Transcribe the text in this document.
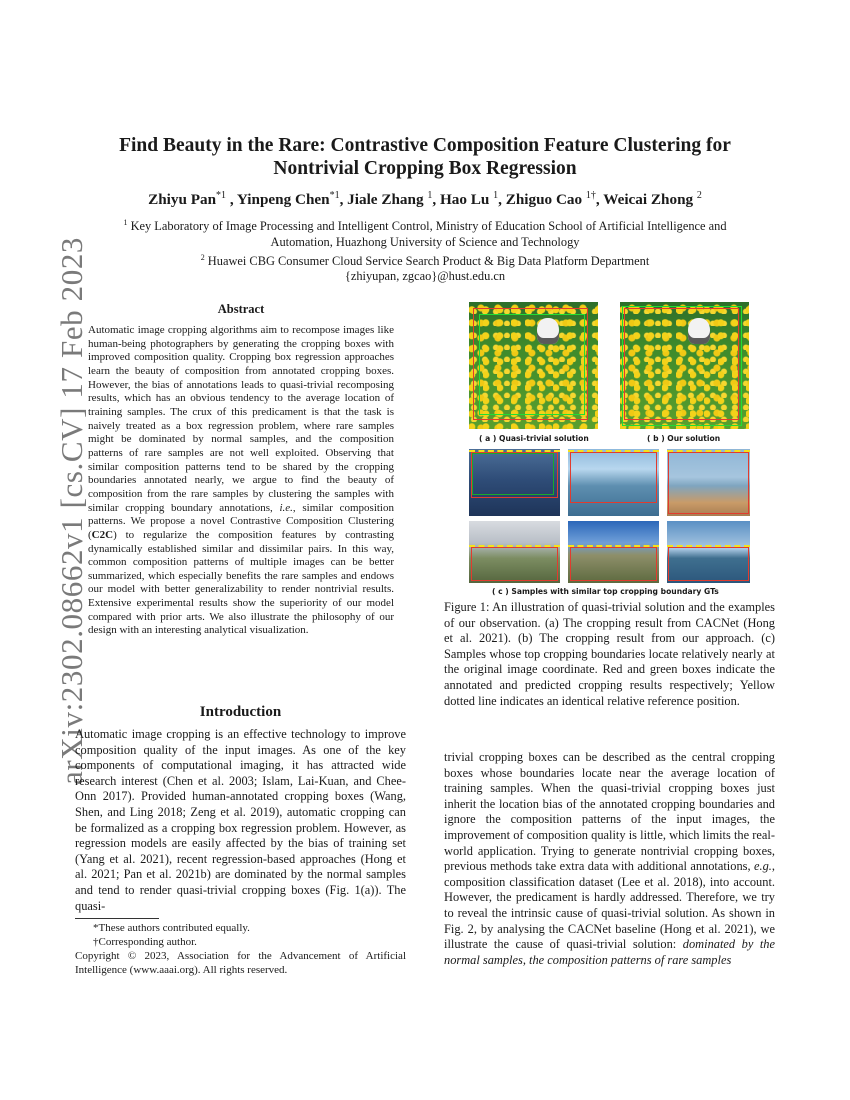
arXiv:2302.08662v1 [cs.CV] 17 Feb 2023
Find Beauty in the Rare: Contrastive Composition Feature Clustering for
Nontrivial Cropping Box Regression

Zhiyu Pan$^{*1}$ , Yinpeng Chen$^{*1}$, Jiale Zhang $^1$, Hao Lu $^1$, Zhiguo Cao $^{1\dagger}$, Weicai Zhong $^2$

$^1$ Key Laboratory of Image Processing and Intelligent Control, Ministry of Education School of Artificial Intelligence and
Automation, Huazhong University of Science and Technology
$^2$ Huawei CBG Consumer Cloud Service Search Product & Big Data Platform Department
{zhiyupan, zgcao}@hust.edu.cn

Abstract

Automatic image cropping algorithms aim to recompose images like human-being photographers by generating the cropping boxes with improved composition quality. Cropping box regression approaches learn the beauty of composition from annotated cropping boxes. However, the bias of annotations leads to quasi-trivial recomposing results, which has an obvious tendency to the average location of training samples. The crux of this predicament is that the task is naively treated as a box regression problem, where rare samples might be dominated by normal samples, and the composition patterns of rare samples are not well exploited. Observing that similar composition patterns tend to be shared by the cropping boundaries annotated nearly, we argue to find the beauty of composition from the rare samples by clustering the samples with similar cropping boundary annotations, i.e., similar composition patterns. We propose a novel Contrastive Composition Clustering (C2C) to regularize the composition features by contrasting dynamically established similar and dissimilar pairs. In this way, common composition patterns of multiple images can be better summarized, which especially benefits the rare samples and endows our model with better generalizability to render nontrivial results. Extensive experimental results show the superiority of our model compared with prior arts. We also illustrate the philosophy of our design with an interesting analytical visualization.

Introduction

Automatic image cropping is an effective technology to improve composition quality of the input images. As one of the key components of computational imaging, it has attracted wide research interest (Chen et al. 2003; Islam, Lai-Kuan, and Chee-Onn 2017). Provided human-annotated cropping boxes (Wang, Shen, and Ling 2018; Zeng et al. 2019), automatic cropping can be formalized as a cropping box regression problem. However, as regression models are easily affected by the bias of training set (Yang et al. 2021), recent regression-based approaches (Hong et al. 2021; Pan et al. 2021b) are dominated by the normal samples and tend to render quasi-trivial cropping boxes (Fig. 1(a)). The quasi-

*These authors contributed equally.

†Corresponding author.

Copyright © 2023, Association for the Advancement of Artificial Intelligence (www.aaai.org). All rights reserved.

( a ) Quasi-trivial solution	( b ) Our solution
( c ) Samples with similar top cropping boundary GTs

Figure 1: An illustration of quasi-trivial solution and the examples of our observation. (a) The cropping result from CACNet (Hong et al. 2021). (b) The cropping result from our approach. (c) Samples whose top cropping boundaries locate relatively nearly at the original image coordinate. Red and green boxes indicate the annotated and predicted cropping results respectively; Yellow dotted line indicates an identical relative reference position.

trivial cropping boxes can be described as the central cropping boxes whose boundaries locate near the average location of training samples. When the quasi-trivial cropping boxes just inherit the location bias of the annotated cropping boundaries and ignore the composition patterns of the input images, the improvement of composition quality is little, which limits the real-world application. Trying to generate nontrivial cropping boxes, previous methods take extra data with additional annotations, e.g., composition classification dataset (Lee et al. 2018), into account. However, the predicament is hardly addressed. Therefore, we try to reveal the intrinsic cause of quasi-trivial solution. As shown in Fig. 2, by analysing the CACNet baseline (Hong et al. 2021), we illustrate the cause of quasi-trivial solution: dominated by the normal samples, the composition patterns of rare samples
